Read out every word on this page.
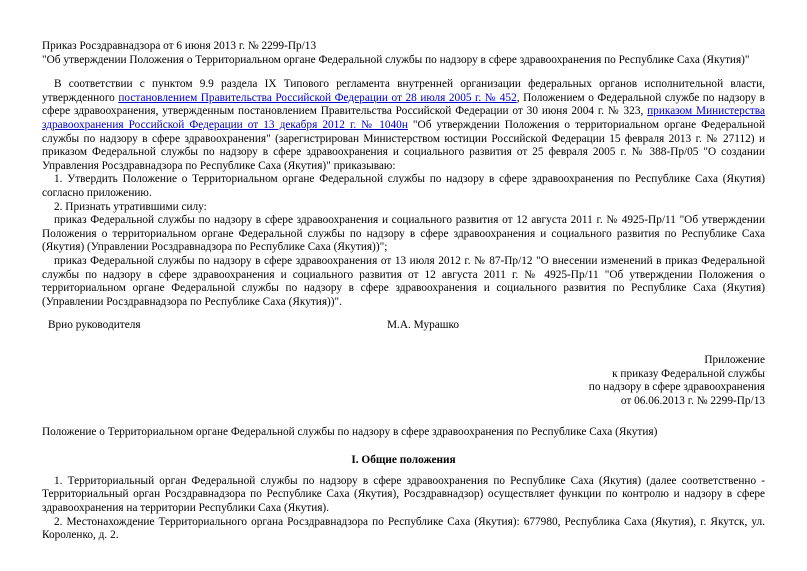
Приказ Росздравнадзора от 6 июня 2013 г. № 2299-Пр/13
"Об утверждении Положения о Территориальном органе Федеральной службы по надзору в сфере здравоохранения по Республике Саха (Якутия)"

В соответствии с пунктом 9.9 раздела IX Типового регламента внутренней организации федеральных органов исполнительной власти, утвержденного постановлением Правительства Российской Федерации от 28 июля 2005 г. № 452, Положением о Федеральной службе по надзору в сфере здравоохранения, утвержденным постановлением Правительства Российской Федерации от 30 июня 2004 г. № 323, приказом Министерства здравоохранения Российской Федерации от 13 декабря 2012 г. № 1040н "Об утверждении Положения о территориальном органе Федеральной службы по надзору в сфере здравоохранения" (зарегистрирован Министерством юстиции Российской Федерации 15 февраля 2013 г. № 27112) и приказом Федеральной службы по надзору в сфере здравоохранения и социального развития от 25 февраля 2005 г. № 388-Пр/05 "О создании Управления Росздравнадзора по Республике Саха (Якутия)" приказываю:

1. Утвердить Положение о Территориальном органе Федеральной службы по надзору в сфере здравоохранения по Республике Саха (Якутия) согласно приложению.

2. Признать утратившими силу:

приказ Федеральной службы по надзору в сфере здравоохранения и социального развития от 12 августа 2011 г. № 4925-Пр/11 "Об утверждении Положения о территориальном органе Федеральной службы по надзору в сфере здравоохранения и социального развития по Республике Саха (Якутия) (Управлении Росздравнадзора по Республике Саха (Якутия))";

приказ Федеральной службы по надзору в сфере здравоохранения от 13 июля 2012 г. № 87-Пр/12 "О внесении изменений в приказ Федеральной службы по надзору в сфере здравоохранения и социального развития от 12 августа 2011 г. № 4925-Пр/11 "Об утверждении Положения о территориальном органе Федеральной службы по надзору в сфере здравоохранения и социального развития по Республике Саха (Якутия) (Управлении Росздравнадзора по Республике Саха (Якутия))".

Врио руководителя	М.А. Мурашко
Приложение
к приказу Федеральной службы
по надзору в сфере здравоохранения
от 06.06.2013 г. № 2299-Пр/13
Положение о Территориальном органе Федеральной службы по надзору в сфере здравоохранения по Республике Саха (Якутия)
I. Общие положения

1. Территориальный орган Федеральной службы по надзору в сфере здравоохранения по Республике Саха (Якутия) (далее соответственно - Территориальный орган Росздравнадзора по Республике Саха (Якутия), Росздравнадзор) осуществляет функции по контролю и надзору в сфере здравоохранения на территории Республики Саха (Якутия).

2. Местонахождение Территориального органа Росздравнадзора по Республике Саха (Якутия): 677980, Республика Саха (Якутия), г. Якутск, ул. Короленко, д. 2.
